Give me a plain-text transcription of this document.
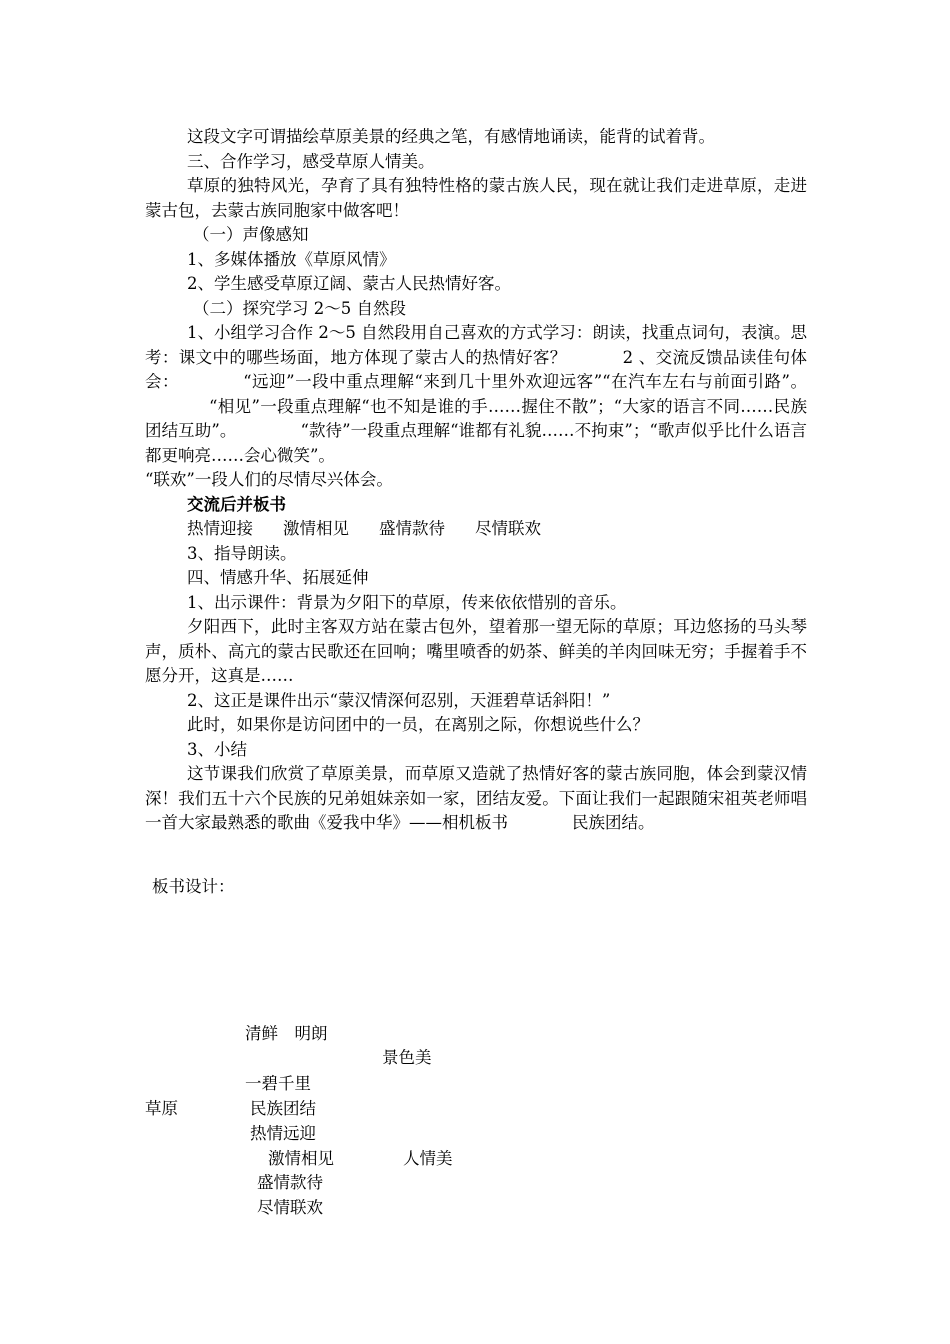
这段文字可谓描绘草原美景的经典之笔，有感情地诵读，能背的试着背。

三、合作学习，感受草原人情美。

草原的独特风光，孕育了具有独特性格的蒙古族人民，现在就让我们走进草原，走进蒙古包，去蒙古族同胞家中做客吧！

（一）声像感知

1、多媒体播放《草原风情》

2、学生感受草原辽阔、蒙古人民热情好客。

（二）探究学习 2～5 自然段

1、小组学习合作 2～5 自然段用自己喜欢的方式学习：朗读，找重点词句，表演。思考：课文中的哪些场面，地方体现了蒙古人的热情好客？	2 、交流反馈品读佳句体会：	“远迎”一段中重点理解“来到几十里外欢迎远客”“在汽车左右与前面引路”。“相见”一段重点理解“也不知是谁的手……握住不散”；“大家的语言不同……民族团结互助”。	“款待”一段重点理解“谁都有礼貌……不拘束”；“歌声似乎比什么语言都更响亮……会心微笑”。

“联欢”一段人们的尽情尽兴体会。

交流后并板书

热情迎接 激情相见 盛情款待 尽情联欢

3、指导朗读。

四、情感升华、拓展延伸

1、出示课件：背景为夕阳下的草原，传来依依惜别的音乐。

夕阳西下，此时主客双方站在蒙古包外，望着那一望无际的草原；耳边悠扬的马头琴声，质朴、高亢的蒙古民歌还在回响；嘴里喷香的奶茶、鲜美的羊肉回味无穷；手握着手不愿分开，这真是……

2、这正是课件出示“蒙汉情深何忍别，天涯碧草话斜阳！”

此时，如果你是访问团中的一员，在离别之际，你想说些什么？

3、小结

这节课我们欣赏了草原美景，而草原又造就了热情好客的蒙古族同胞，体会到蒙汉情深！我们五十六个民族的兄弟姐妹亲如一家，团结友爱。下面让我们一起跟随宋祖英老师唱一首大家最熟悉的歌曲《爱我中华》——相机板书	民族团结。

板书设计：
清鲜　明朗
景色美
一碧千里
草原	民族团结
热情远迎
激情相见	人情美
盛情款待
尽情联欢
